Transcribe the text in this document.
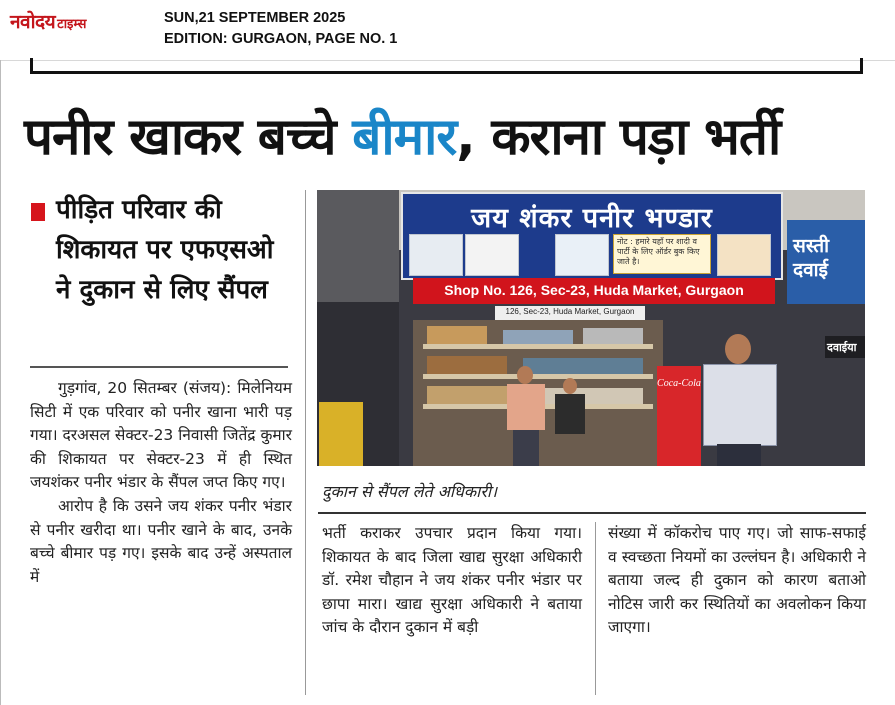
नवोदय टाइम्स	SUN,21 SEPTEMBER 2025
EDITION: GURGAON, PAGE NO. 1
पनीर खाकर बच्चे बीमार, कराना पड़ा भर्ती
पीड़ित परिवार की शिकायत पर एफएसओ ने दुकान से लिए सैंपल

गुड़गांव, 20 सितम्बर (संजय): मिलेनियम सिटी में एक परिवार को पनीर खाना भारी पड़ गया। दरअसल सेक्टर-23 निवासी जितेंद्र कुमार की शिकायत पर सेक्टर-23 में ही स्थित जयशंकर पनीर भंडार के सैंपल जप्त किए गए।

आरोप है कि उसने जय शंकर पनीर भंडार से पनीर खरीदा था। पनीर खाने के बाद, उनके बच्चे बीमार पड़ गए। इसके बाद उन्हें अस्पताल में

जय शंकर पनीर भण्डार
नोट : हमारे यहाँ पर शादी व पार्टी के लिए ऑर्डर बुक किए जाते है।
Shop No. 126, Sec-23, Huda Market, Gurgaon
126, Sec-23, Huda Market, Gurgaon
Coca-Cola
सस्ती दवाई
दवाईया
दुकान से सैंपल लेते अधिकारी।

भर्ती कराकर उपचार प्रदान किया गया। शिकायत के बाद जिला खाद्य सुरक्षा अधिकारी डॉ. रमेश चौहान ने जय शंकर पनीर भंडार पर छापा मारा। खाद्य सुरक्षा अधिकारी ने बताया जांच के दौरान दुकान में बड़ी

संख्या में कॉकरोच पाए गए। जो साफ-सफाई व स्वच्छता नियमों का उल्लंघन है। अधिकारी ने बताया जल्द ही दुकान को कारण बताओ नोटिस जारी कर स्थितियों का अवलोकन किया जाएगा।
